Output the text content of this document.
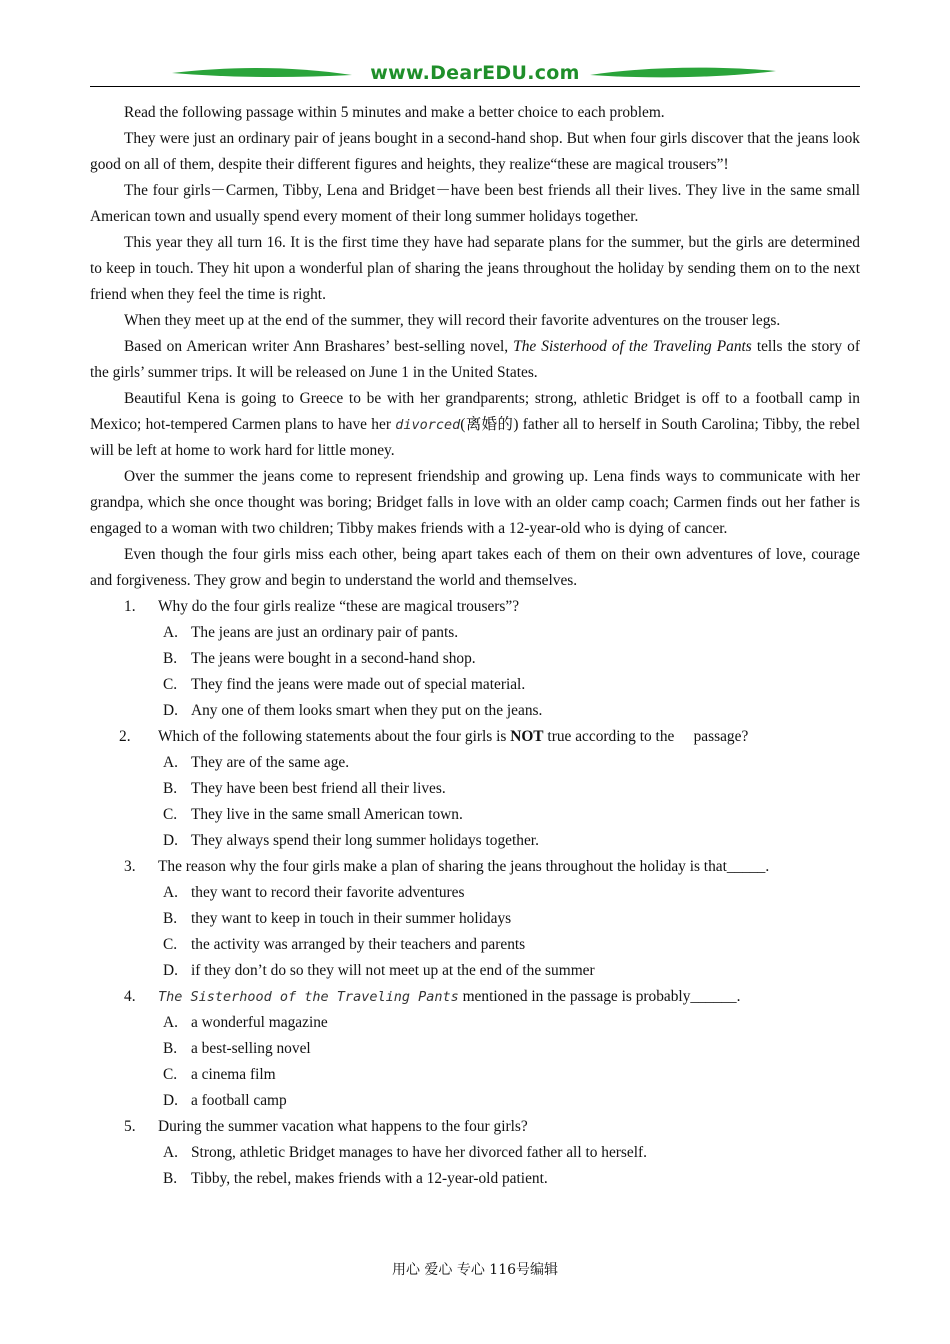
www.DearEDU.com

Read the following passage within 5 minutes and make a better choice to each problem.

They were just an ordinary pair of jeans bought in a second-hand shop. But when four girls discover that the jeans look good on all of them, despite their different figures and heights, they realize“these are magical trousers”!

The four girls－Carmen, Tibby, Lena and Bridget－have been best friends all their lives. They live in the same small American town and usually spend every moment of their long summer holidays together.

This year they all turn 16. It is the first time they have had separate plans for the summer, but the girls are determined to keep in touch. They hit upon a wonderful plan of sharing the jeans throughout the holiday by sending them on to the next friend when they feel the time is right.

When they meet up at the end of the summer, they will record their favorite adventures on the trouser legs.

Based on American writer Ann Brashares’ best-selling novel, The Sisterhood of the Traveling Pants tells the story of the girls’ summer trips. It will be released on June 1 in the United States.

Beautiful Kena is going to Greece to be with her grandparents; strong, athletic Bridget is off to a football camp in Mexico; hot-tempered Carmen plans to have her divorced(离婚的) father all to herself in South Carolina; Tibby, the rebel will be left at home to work hard for little money.

Over the summer the jeans come to represent friendship and growing up. Lena finds ways to communicate with her grandpa, which she once thought was boring; Bridget falls in love with an older camp coach; Carmen finds out her father is engaged to a woman with two children; Tibby makes friends with a 12-year-old who is dying of cancer.

Even though the four girls miss each other, being apart takes each of them on their own adventures of love, courage and forgiveness. They grow and begin to understand the world and themselves.

1. Why do the four girls realize “these are magical trousers”?
A. The jeans are just an ordinary pair of pants.
B. The jeans were bought in a second-hand shop.
C. They find the jeans were made out of special material.
D. Any one of them looks smart when they put on the jeans.
2. Which of the following statements about the four girls is NOT true according to the     passage?
A. They are of the same age.
B. They have been best friend all their lives.
C. They live in the same small American town.
D. They always spend their long summer holidays together.
3. The reason why the four girls make a plan of sharing the jeans throughout the holiday is that_____.
A. they want to record their favorite adventures
B. they want to keep in touch in their summer holidays
C. the activity was arranged by their teachers and parents
D. if they don’t do so they will not meet up at the end of the summer
4. The Sisterhood of the Traveling Pants mentioned in the passage is probably______.
A. a wonderful magazine
B. a best-selling novel
C. a cinema film
D. a football camp
5. During the summer vacation what happens to the four girls?
A. Strong, athletic Bridget manages to have her divorced father all to herself.
B. Tibby, the rebel, makes friends with a 12-year-old patient.
用心 爱心 专心 116号编辑
